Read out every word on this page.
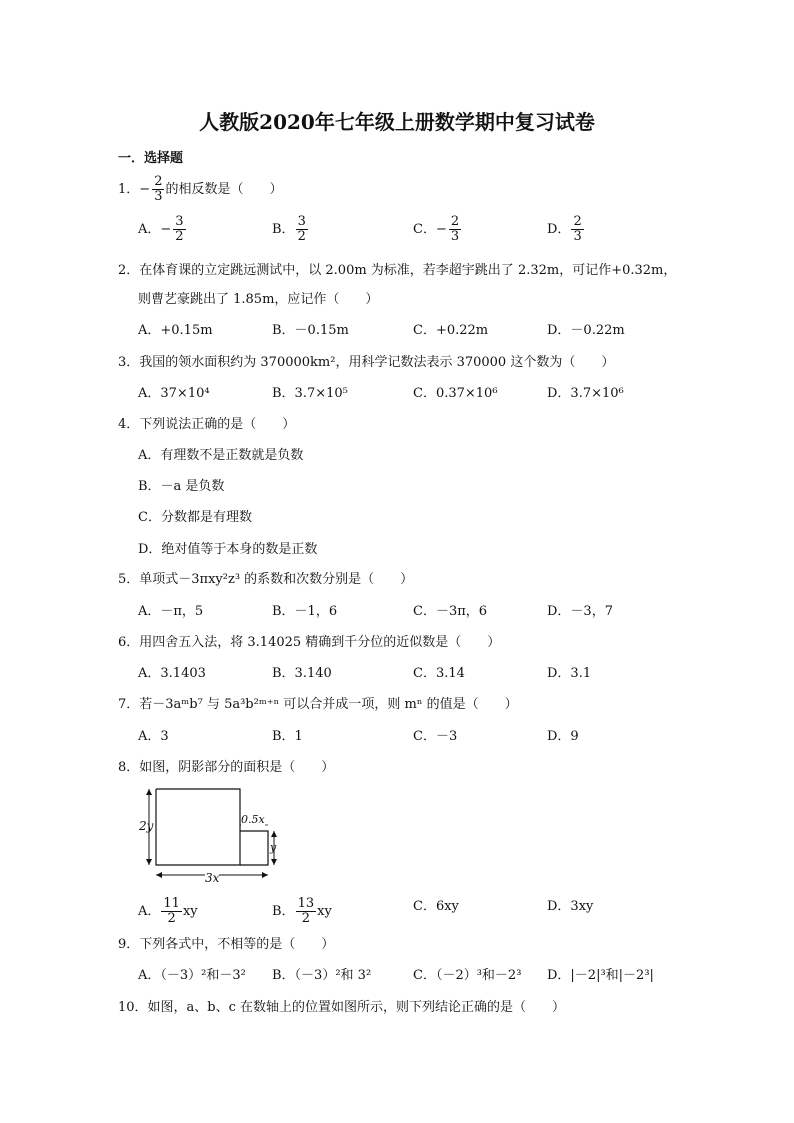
人教版2020年七年级上册数学期中复习试卷
一．选择题
1．− $\frac{2}{3}$ 的相反数是（　　）
A．− $\frac{3}{2}$	B． $\frac{3}{2}$	C．− $\frac{2}{3}$	D． $\frac{2}{3}$
2．在体育课的立定跳远测试中，以 2.00m 为标准，若李超宇跳出了 2.32m，可记作+0.32m，
则曹艺豪跳出了 1.85m，应记作（　　）
A．+0.15m	B．－0.15m	C．+0.22m	D．－0.22m
3．我国的领水面积约为 370000km²，用科学记数法表示 370000 这个数为（　　）
A．37×10⁴	B．3.7×10⁵	C．0.37×10⁶	D．3.7×10⁶
4．下列说法正确的是（　　）
A．有理数不是正数就是负数
B．－a 是负数
C．分数都是有理数
D．绝对值等于本身的数是正数
5．单项式－3πxy²z³ 的系数和次数分别是（　　）
A．－π，5	B．－1，6	C．－3π，6	D．－3，7
6．用四舍五入法，将 3.14025 精确到千分位的近似数是（　　）
A．3.1403	B．3.140	C．3.14	D．3.1
7．若－3aᵐb⁷ 与 5a³b²ᵐ⁺ⁿ 可以合并成一项，则 mⁿ 的值是（　　）
A．3	B．1	C．－3	D．9
8．如图，阴影部分的面积是（　　）
2y	0.5x
y
3x
A． $\frac{11}{2}$ xy	B． $\frac{13}{2}$ xy	C．6xy	D．3xy
9．下列各式中，不相等的是（　　）
A．（－3）²和－3² B．（－3）²和 3²	C．（－2）³和－2³ D．|－2|³和|－2³|
10．如图，a、b、c 在数轴上的位置如图所示，则下列结论正确的是（　　）
